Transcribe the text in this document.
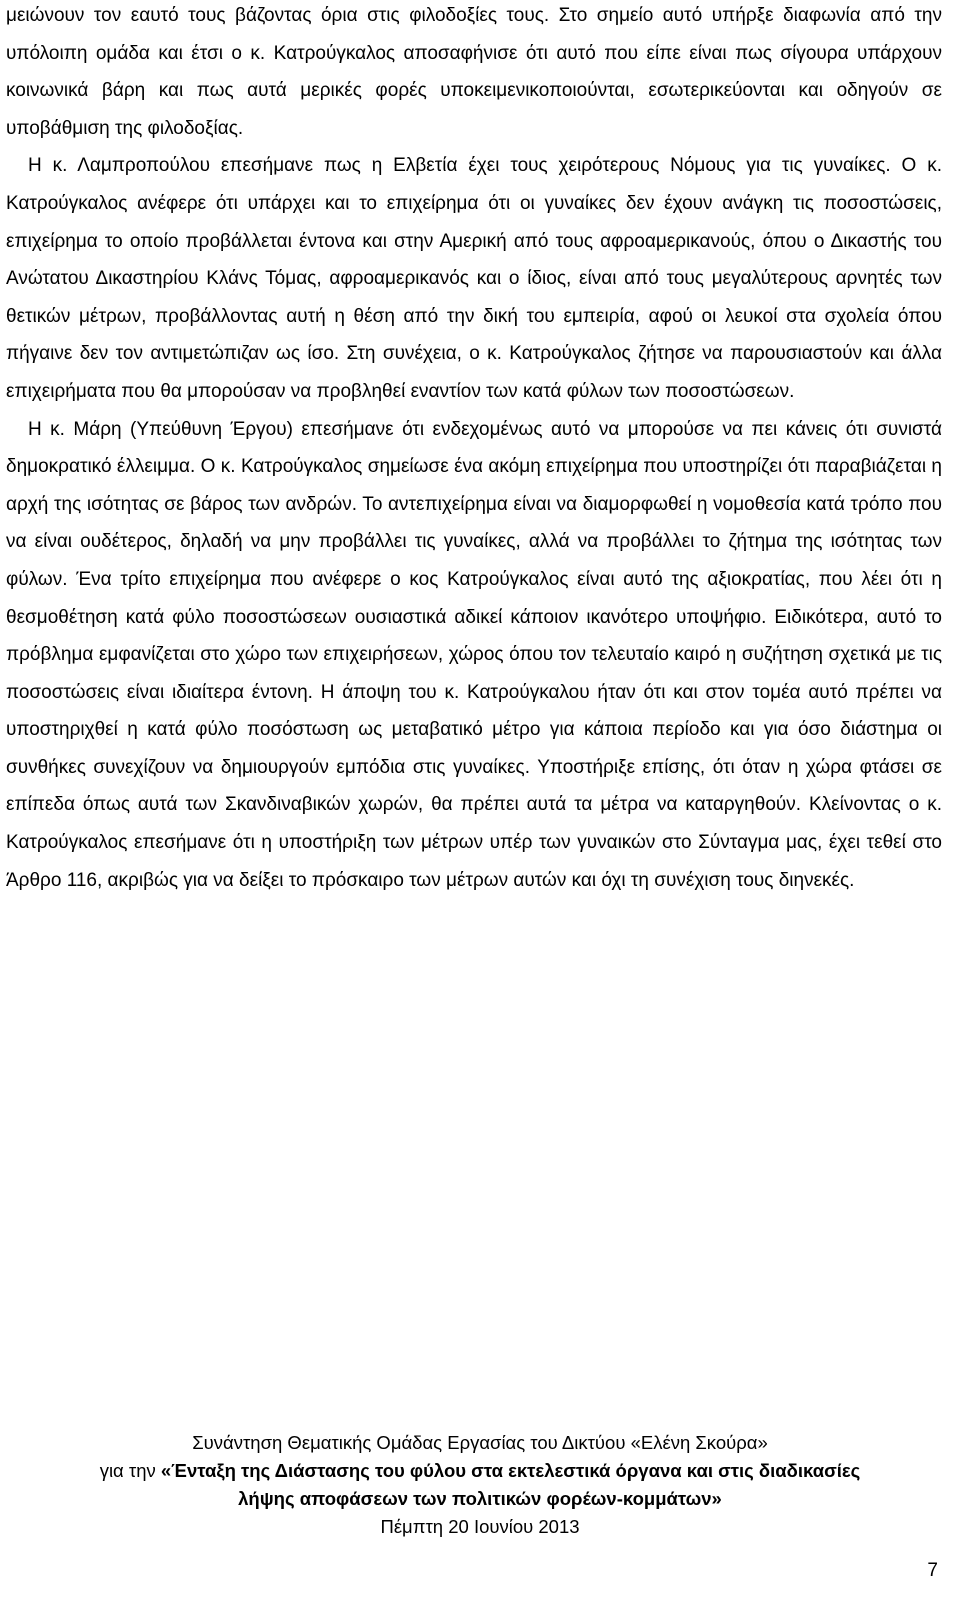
μειώνουν τον εαυτό τους βάζοντας όρια στις φιλοδοξίες τους. Στο σημείο αυτό υπήρξε διαφωνία από την υπόλοιπη ομάδα και έτσι ο κ. Κατρούγκαλος αποσαφήνισε ότι αυτό που είπε είναι πως σίγουρα υπάρχουν κοινωνικά βάρη και πως αυτά μερικές φορές υποκειμενικοποιούνται, εσωτερικεύονται και οδηγούν σε υποβάθμιση της φιλοδοξίας.

Η κ. Λαμπροπούλου επεσήμανε πως η Ελβετία έχει τους χειρότερους Νόμους για τις γυναίκες. Ο κ. Κατρούγκαλος ανέφερε ότι υπάρχει και το επιχείρημα ότι οι γυναίκες δεν έχουν ανάγκη τις ποσοστώσεις, επιχείρημα το οποίο προβάλλεται έντονα και στην Αμερική από τους αφροαμερικανούς, όπου ο Δικαστής του Ανώτατου Δικαστηρίου Κλάνς Τόμας, αφροαμερικανός και ο ίδιος, είναι από τους μεγαλύτερους αρνητές των θετικών μέτρων, προβάλλοντας αυτή η θέση από την δική του εμπειρία, αφού οι λευκοί στα σχολεία όπου πήγαινε δεν τον αντιμετώπιζαν ως ίσο. Στη συνέχεια, ο κ. Κατρούγκαλος ζήτησε να παρουσιαστούν και άλλα επιχειρήματα που θα μπορούσαν να προβληθεί εναντίον των κατά φύλων των ποσοστώσεων.

Η κ. Μάρη (Υπεύθυνη Έργου) επεσήμανε ότι ενδεχομένως αυτό να μπορούσε να πει κάνεις ότι συνιστά δημοκρατικό έλλειμμα. Ο κ. Κατρούγκαλος σημείωσε ένα ακόμη επιχείρημα που υποστηρίζει ότι παραβιάζεται η αρχή της ισότητας σε βάρος των ανδρών. Το αντεπιχείρημα είναι να διαμορφωθεί η νομοθεσία κατά τρόπο που να είναι ουδέτερος, δηλαδή να μην προβάλλει τις γυναίκες, αλλά να προβάλλει το ζήτημα της ισότητας των φύλων. Ένα τρίτο επιχείρημα που ανέφερε ο κος Κατρούγκαλος είναι αυτό της αξιοκρατίας, που λέει ότι η θεσμοθέτηση κατά φύλο ποσοστώσεων ουσιαστικά αδικεί κάποιον ικανότερο υποψήφιο. Ειδικότερα, αυτό το πρόβλημα εμφανίζεται στο χώρο των επιχειρήσεων, χώρος όπου τον τελευταίο καιρό η συζήτηση σχετικά με τις ποσοστώσεις είναι ιδιαίτερα έντονη. Η άποψη του κ. Κατρούγκαλου ήταν ότι και στον τομέα αυτό πρέπει να υποστηριχθεί η κατά φύλο ποσόστωση ως μεταβατικό μέτρο για κάποια περίοδο και για όσο διάστημα οι συνθήκες συνεχίζουν να δημιουργούν εμπόδια στις γυναίκες. Υποστήριξε επίσης, ότι όταν η χώρα φτάσει σε επίπεδα όπως αυτά των Σκανδιναβικών χωρών, θα πρέπει αυτά τα μέτρα να καταργηθούν. Κλείνοντας ο κ. Κατρούγκαλος επεσήμανε ότι η υποστήριξη των μέτρων υπέρ των γυναικών στο Σύνταγμα μας, έχει τεθεί στο Άρθρο 116, ακριβώς για να δείξει το πρόσκαιρο των μέτρων αυτών και όχι τη συνέχιση τους διηνεκές.

Συνάντηση Θεματικής Ομάδας Εργασίας του Δικτύου «Ελένη Σκούρα»
για την «Ένταξη της Διάστασης του φύλου στα εκτελεστικά όργανα και στις διαδικασίες
λήψης αποφάσεων των πολιτικών φορέων-κομμάτων»
Πέμπτη 20 Ιουνίου 2013
7
